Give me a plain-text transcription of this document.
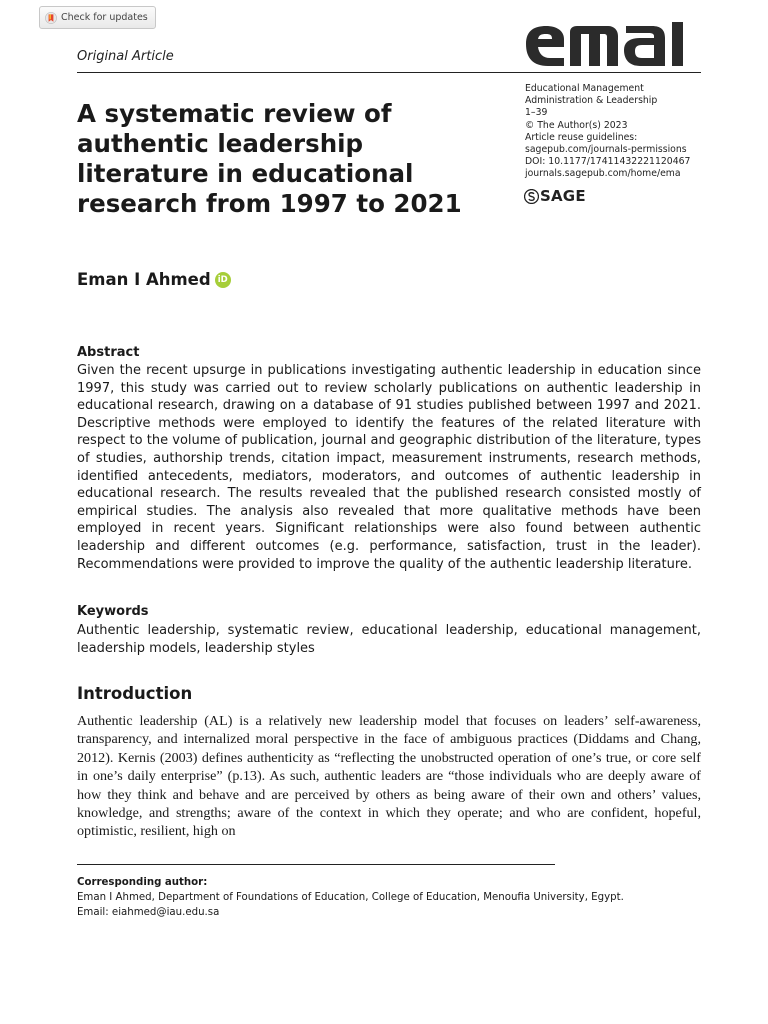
Check for updates
Original Article
Educational Management
Administration & Leadership
1–39
© The Author(s) 2023
Article reuse guidelines:
sagepub.com/journals-permissions
DOI: 10.1177/17411432221120467
journals.sagepub.com/home/ema
SAGE
A systematic review of authentic leadership literature in educational research from 1997 to 2021
Eman I Ahmed iD
Abstract

Given the recent upsurge in publications investigating authentic leadership in education since 1997, this study was carried out to review scholarly publications on authentic leadership in educational research, drawing on a database of 91 studies published between 1997 and 2021. Descriptive methods were employed to identify the features of the related literature with respect to the volume of publication, journal and geographic distribution of the literature, types of studies, authorship trends, citation impact, measurement instruments, research methods, identified antecedents, mediators, moderators, and outcomes of authentic leadership in educational research. The results revealed that the published research consisted mostly of empirical studies. The analysis also revealed that more qualitative methods have been employed in recent years. Significant relationships were also found between authentic leadership and different outcomes (e.g. performance, satisfaction, trust in the leader). Recommendations were provided to improve the quality of the authentic leadership literature.

Keywords

Authentic leadership, systematic review, educational leadership, educational management, leadership models, leadership styles

Introduction

Authentic leadership (AL) is a relatively new leadership model that focuses on leaders’ self-awareness, transparency, and internalized moral perspective in the face of ambiguous practices (Diddams and Chang, 2012). Kernis (2003) defines authenticity as “reflecting the unobstructed operation of one’s true, or core self in one’s daily enterprise” (p.13). As such, authentic leaders are “those individuals who are deeply aware of how they think and behave and are perceived by others as being aware of their own and others’ values, knowledge, and strengths; aware of the context in which they operate; and who are confident, hopeful, optimistic, resilient, high on

Corresponding author:
Eman I Ahmed, Department of Foundations of Education, College of Education, Menoufia University, Egypt.
Email: eiahmed@iau.edu.sa
